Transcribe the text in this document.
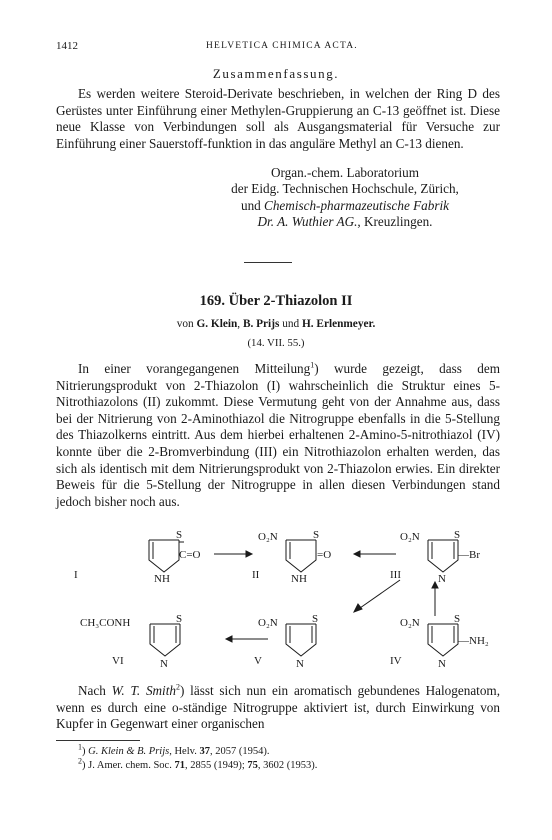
1412	HELVETICA CHIMICA ACTA.
Zusammenfassung.
Es werden weitere Steroid-Derivate beschrieben, in welchen der Ring D des Gerüstes unter Einführung einer Methylen-Gruppierung an C-13 geöffnet ist. Diese neue Klasse von Verbindungen soll als Ausgangsmaterial für Versuche zur Einführung einer Sauerstoff-funktion in das anguläre Methyl an C-13 dienen.
Organ.-chem. Laboratorium
der Eidg. Technischen Hochschule, Zürich,
und Chemisch-pharmazeutische Fabrik
Dr. A. Wuthier AG., Kreuzlingen.
169. Über 2-Thiazolon II
von G. Klein, B. Prijs und H. Erlenmeyer.
(14. VII. 55.)
In einer vorangegangenen Mitteilung$^1$) wurde gezeigt, dass dem Nitrierungsprodukt von 2-Thiazolon (I) wahrscheinlich die Struktur eines 5-Nitrothiazolons (II) zukommt. Diese Vermutung geht von der Annahme aus, dass bei der Nitrierung von 2-Aminothiazol die Nitrogruppe ebenfalls in die 5-Stellung des Thiazolkerns eintritt. Aus dem hierbei erhaltenen 2-Amino-5-nitrothiazol (IV) konnte über die 2-Bromverbindung (III) ein Nitrothiazolon erhalten werden, das sich als identisch mit dem Nitrierungsprodukt von 2-Thiazolon erwies. Ein direkter Beweis für die 5-Stellung der Nitrogruppe in allen diesen Verbindungen stand jedoch bisher noch aus.
S
C=O
NH
I
O₂N	S
=O
NH
II
O₂N	S
—Br
N
III
CH₃CONH	S
N
VI
O₂N	S
N
V
O₂N	S
—NH₂
N
IV
Nach W. T. Smith$^2$) lässt sich nun ein aromatisch gebundenes Halogenatom, wenn es durch eine o-ständige Nitrogruppe aktiviert ist, durch Einwirkung von Kupfer in Gegenwart einer organischen
$^1$) G. Klein & B. Prijs, Helv. 37, 2057 (1954).
$^2$) J. Amer. chem. Soc. 71, 2855 (1949); 75, 3602 (1953).
